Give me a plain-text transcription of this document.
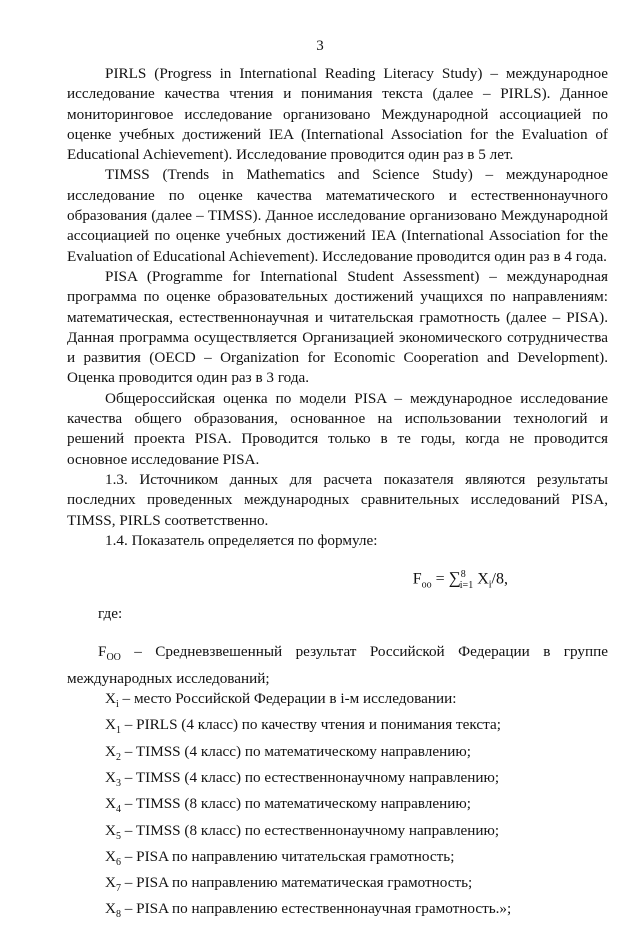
3

PIRLS (Progress in International Reading Literacy Study) – международное исследование качества чтения и понимания текста (далее – PIRLS). Данное мониторинговое исследование организовано Международной ассоциацией по оценке учебных достижений IEA (International Association for the Evaluation of Educational Achievement). Исследование проводится один раз в 5 лет.

TIMSS (Trends in Mathematics and Science Study) – международное исследование по оценке качества математического и естественнонаучного образования (далее – TIMSS). Данное исследование организовано Международной ассоциацией по оценке учебных достижений IEA (International Association for the Evaluation of Educational Achievement). Исследование проводится один раз в 4 года.

PISA (Programme for International Student Assessment) – международная программа по оценке образовательных достижений учащихся по направлениям: математическая, естественнонаучная и читательская грамотность (далее – PISA). Данная программа осуществляется Организацией экономического сотрудничества и развития (OECD – Organization for Economic Cooperation and Development). Оценка проводится один раз в 3 года.

Общероссийская оценка по модели PISA – международное исследование качества общего образования, основанное на использовании технологий и решений проекта PISA. Проводится только в те годы, когда не проводится основное исследование PISA.

1.3. Источником данных для расчета показателя являются результаты последних проведенных международных сравнительных исследований PISA, TIMSS, PIRLS соответственно.

1.4. Показатель определяется по формуле:

$F_{oo} = \sum^8_{i=1}$ $X_i/8$,
где:

$F_{OO}$ – Средневзвешенный результат Российской Федерации в группе международных исследований;

$X_i$ – место Российской Федерации в i-м исследовании:
$X_1$ – PIRLS (4 класс) по качеству чтения и понимания текста;
$X_2$ – TIMSS (4 класс) по математическому направлению;
$X_3$ – TIMSS (4 класс) по естественнонаучному направлению;
$X_4$ – TIMSS (8 класс) по математическому направлению;
$X_5$ – TIMSS (8 класс) по естественнонаучному направлению;
$X_6$ – PISA по направлению читательская грамотность;
$X_7$ – PISA по направлению математическая грамотность;
$X_8$ – PISA по направлению естественнонаучная грамотность.»;
